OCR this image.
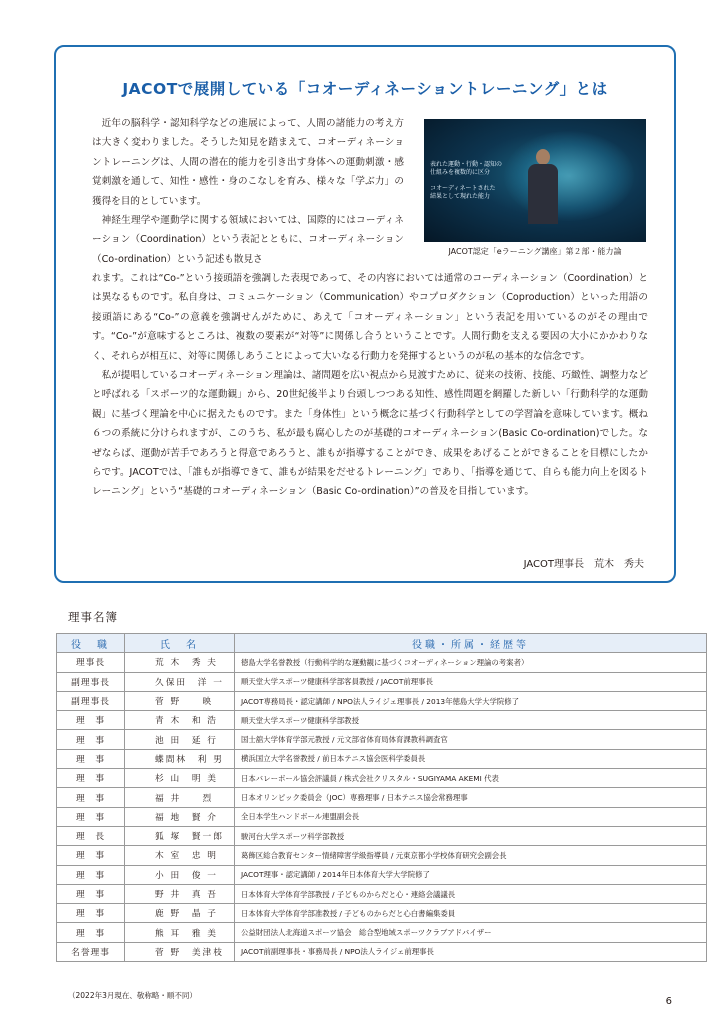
JACOTで展開している「コオーディネーショントレーニング」とは

近年の脳科学・認知科学などの進展によって、人間の諸能力の考え方は大きく変わりました。そうした知見を踏まえて、コオーディネーショントレーニングは、人間の潜在的能力を引き出す身体への運動刺激・感覚刺激を通して、知性・感性・身のこなしを育み、様々な「学ぶ力」の獲得を目的としています。

神経生理学や運動学に関する領域においては、国際的にはコーディネーション（Coordination）という表記とともに、コオーディネーション（Co-ordination）という記述も散見さ

れます。これは“Co-”という接頭語を強調した表現であって、その内容においては通常のコーディネーション（Coordination）とは異なるものです。私自身は、コミュニケーション（Communication）やコプロダクション（Coproduction）といった用語の接頭語にある“Co-”の意義を強調せんがために、あえて「コオーディネーション」という表記を用いているのがその理由です。“Co-”が意味するところは、複数の要素が“対等”に関係し合うということです。人間行動を支える要因の大小にかかわりなく、それらが相互に、対等に関係しあうことによって大いなる行動力を発揮するというのが私の基本的な信念です。

私が提唱しているコオーディネーション理論は、諸問題を広い視点から見渡すために、従来の技術、技能、巧緻性、調整力などと呼ばれる「スポーツ的な運動観」から、20世紀後半より台頭しつつある知性、感性問題を網羅した新しい「行動科学的な運動観」に基づく理論を中心に据えたものです。また「身体性」という概念に基づく行動科学としての学習論を意味しています。概ね６つの系統に分けられますが、このうち、私が最も腐心したのが基礎的コオーディネーション(Basic Co-ordination)でした。なぜならば、運動が苦手であろうと得意であろうと、誰もが指導することができ、成果をあげることができることを目標にしたからです。JACOTでは、「誰もが指導できて、誰もが結果をだせるトレーニング」であり、「指導を通じて、自らも能力向上を図るトレーニング」という“基礎的コオーディネーション（Basic Co-ordination）”の普及を目指しています。

表れた運動・行動・認知の
仕組みを複数的に区分
コオーディネートされた
結果として現れた能力
JACOT認定「eラーニング講座」第２部・能力論
JACOT理事長　荒木　秀夫
理事名簿
役　職	氏　名	役職・所属・経歴等
理事長	荒 木　秀 夫	徳島大学名誉教授（行動科学的な運動観に基づくコオーディネーション理論の考案者）
副理事長	久保田　洋 一	順天堂大学スポーツ健康科学部客員教授 / JACOT前理事長
副理事長	菅 野　　映	JACOT専務局長・認定講師 / NPO法人ライジェ理事長 / 2013年徳島大学大学院修了
理　事	青 木　和 浩	順天堂大学スポーツ健康科学部教授
理　事	池 田　延 行	国士舘大学体育学部元教授 / 元文部省体育局体育課教科調査官
理　事	蝶間林　利 男	横浜国立大学名誉教授 / 前日本テニス協会医科学委員長
理　事	杉 山　明 美	日本バレーボール協会評議員 / 株式会社クリスタル・SUGIYAMA AKEMI 代表
理　事	福 井　　烈	日本オリンピック委員会（JOC）専務理事 / 日本テニス協会常務理事
理　事	福 地　賢 介	全日本学生ハンドボール連盟副会長
理　長	狐 塚　賢一郎	駿河台大学スポーツ科学部教授
理　事	木 室　忠 明	葛飾区総合教育センター情緒障害学級指導員 / 元東京都小学校体育研究会副会長
理　事	小 田　俊 一	JACOT理事・認定講師 / 2014年日本体育大学大学院修了
理　事	野 井　真 吾	日本体育大学体育学部教授 / 子どものからだと心・連絡会議議長
理　事	鹿 野　晶 子	日本体育大学体育学部准教授 / 子どものからだと心白書編集委員
理　事	熊 耳　雅 美	公益財団法人北海道スポーツ協会　総合型地域スポーツクラブアドバイザー
名誉理事	菅 野　美津枝	JACOT前副理事長・事務局長 / NPO法人ライジェ前理事長
（2022年3月現在、敬称略・順不同）
6
